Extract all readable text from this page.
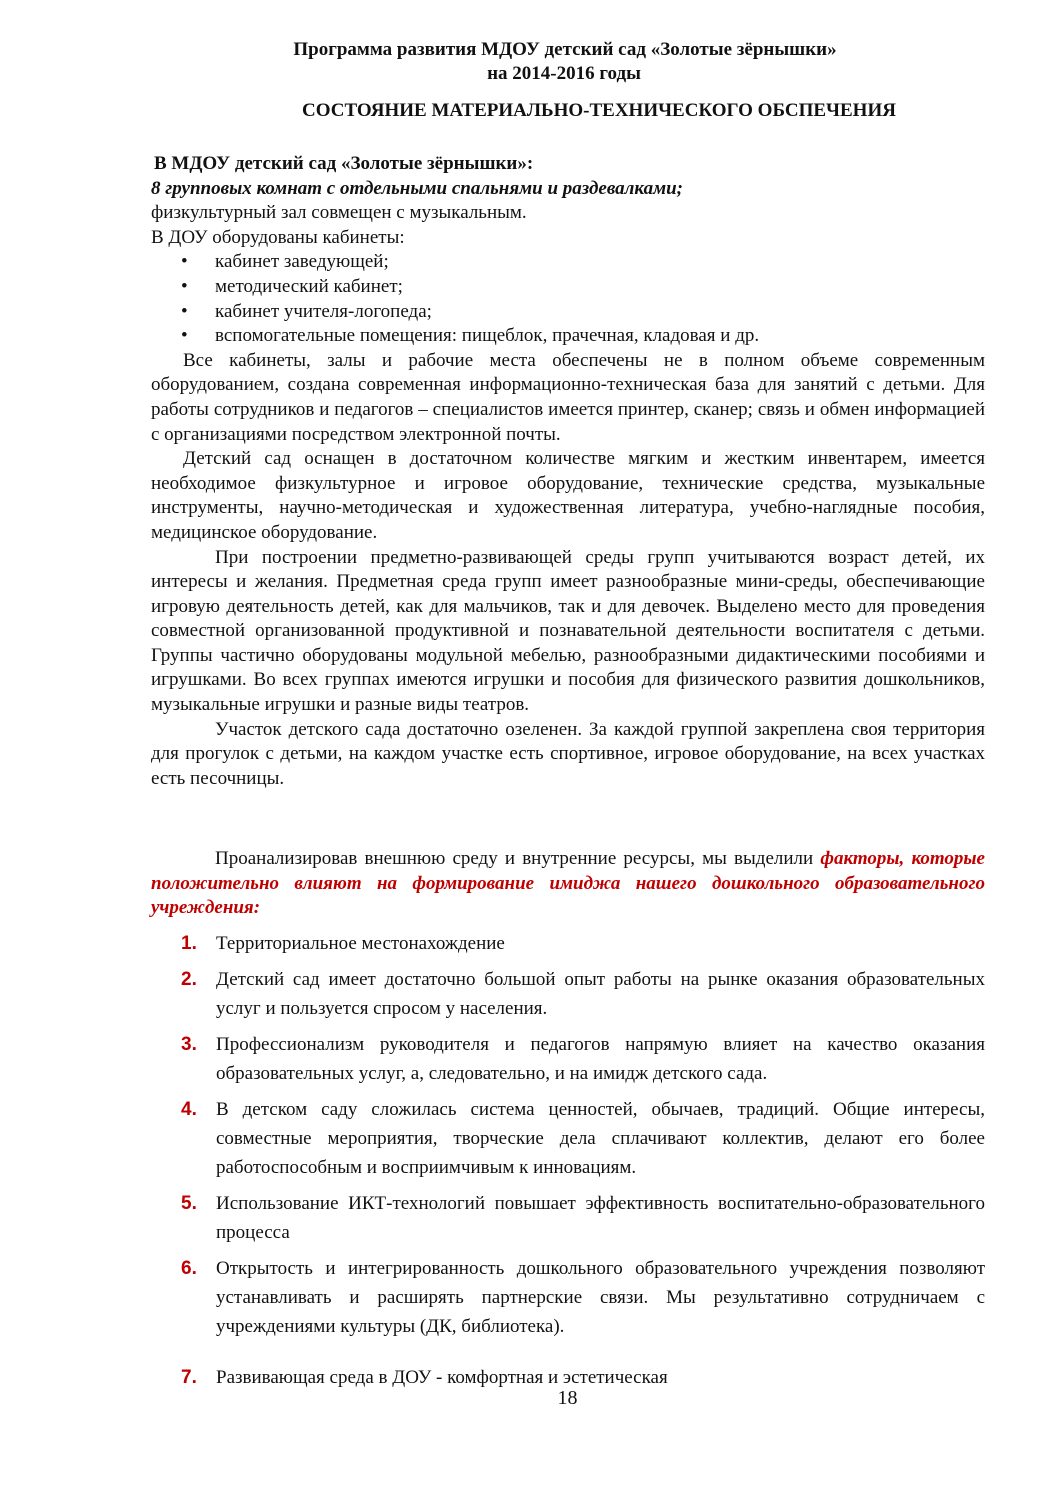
Программа развития МДОУ детский сад «Золотые зёрнышки»
на 2014-2016 годы
СОСТОЯНИЕ МАТЕРИАЛЬНО-ТЕХНИЧЕСКОГО ОБСПЕЧЕНИЯ

В МДОУ детский сад «Золотые зёрнышки»:

8 групповых комнат с отдельными спальнями и раздевалками;

физкультурный зал совмещен с музыкальным.

В ДОУ оборудованы кабинеты:

• кабинет заведующей;
• методический кабинет;
• кабинет учителя-логопеда;
• вспомогательные помещения: пищеблок, прачечная, кладовая и др.

Все кабинеты, залы и рабочие места обеспечены не в полном объеме современным оборудованием, создана современная информационно-техническая база для занятий с детьми. Для работы сотрудников и педагогов – специалистов имеется принтер, сканер; связь и обмен информацией с организациями посредством электронной почты.

Детский сад оснащен в достаточном количестве мягким и жестким инвентарем, имеется необходимое физкультурное и игровое оборудование, технические средства, музыкальные инструменты, научно-методическая и художественная литература, учебно-наглядные пособия, медицинское оборудование.

При построении предметно-развивающей среды групп учитываются возраст детей, их интересы и желания. Предметная среда групп имеет разнообразные мини-среды, обеспечивающие игровую деятельность детей, как для мальчиков, так и для девочек. Выделено место для проведения совместной организованной продуктивной и познавательной деятельности воспитателя с детьми. Группы частично оборудованы модульной мебелью, разнообразными дидактическими пособиями и игрушками. Во всех группах имеются игрушки и пособия для физического развития дошкольников, музыкальные игрушки и разные виды театров.

Участок детского сада достаточно озеленен. За каждой группой закреплена своя территория для прогулок с детьми, на каждом участке есть спортивное, игровое оборудование, на всех участках есть песочницы.

Проанализировав внешнюю среду и внутренние ресурсы, мы выделили факторы, которые положительно влияют на формирование имиджа нашего дошкольного образовательного учреждения:

1. Территориальное местонахождение
2. Детский сад имеет достаточно большой опыт работы на рынке оказания образовательных услуг и пользуется спросом у населения.
3. Профессионализм руководителя и педагогов напрямую влияет на качество оказания образовательных услуг, а, следовательно, и на имидж детского сада.
4. В детском саду сложилась система ценностей, обычаев, традиций. Общие интересы, совместные мероприятия, творческие дела сплачивают коллектив, делают его более работоспособным и восприимчивым к инновациям.
5. Использование ИКТ-технологий повышает эффективность воспитательно-образовательного процесса
6. Открытость и интегрированность дошкольного образовательного учреждения позволяют устанавливать и расширять партнерские связи. Мы результативно сотрудничаем с учреждениями культуры (ДК, библиотека).
7. Развивающая среда в ДОУ - комфортная и эстетическая
18
